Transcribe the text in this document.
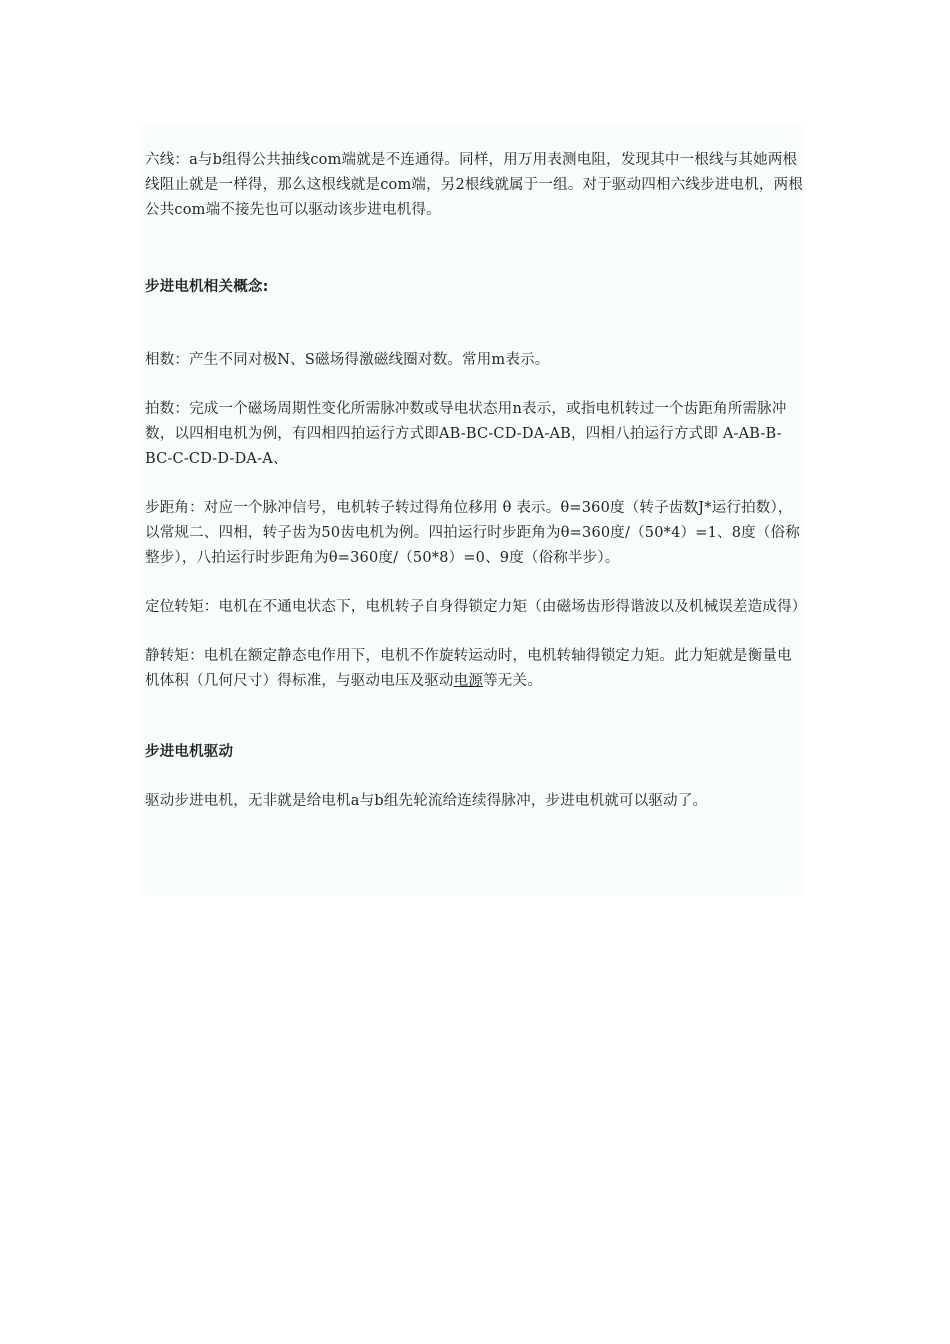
六线：a与b组得公共抽线com端就是不连通得。同样，用万用表测电阻，发现其中一根线与其她两根线阻止就是一样得，那么这根线就是com端，另2根线就属于一组。对于驱动四相六线步进电机，两根公共com端不接先也可以驱动该步进电机得。

步进电机相关概念:

相数：产生不同对极N、S磁场得激磁线圈对数。常用m表示。

拍数：完成一个磁场周期性变化所需脉冲数或导电状态用n表示，或指电机转过一个齿距角所需脉冲数，以四相电机为例，有四相四拍运行方式即AB-BC-CD-DA-AB，四相八拍运行方式即 A-AB-B-BC-C-CD-D-DA-A、

步距角：对应一个脉冲信号，电机转子转过得角位移用 θ 表示。θ=360度（转子齿数J*运行拍数），以常规二、四相，转子齿为50齿电机为例。四拍运行时步距角为θ=360度/（50*4）=1、8度（俗称整步），八拍运行时步距角为θ=360度/（50*8）=0、9度（俗称半步）。

定位转矩：电机在不通电状态下，电机转子自身得锁定力矩（由磁场齿形得谐波以及机械误差造成得）

静转矩：电机在额定静态电作用下，电机不作旋转运动时，电机转轴得锁定力矩。此力矩就是衡量电机体积（几何尺寸）得标准，与驱动电压及驱动电源等无关。

步进电机驱动

驱动步进电机，无非就是给电机a与b组先轮流给连续得脉冲，步进电机就可以驱动了。
